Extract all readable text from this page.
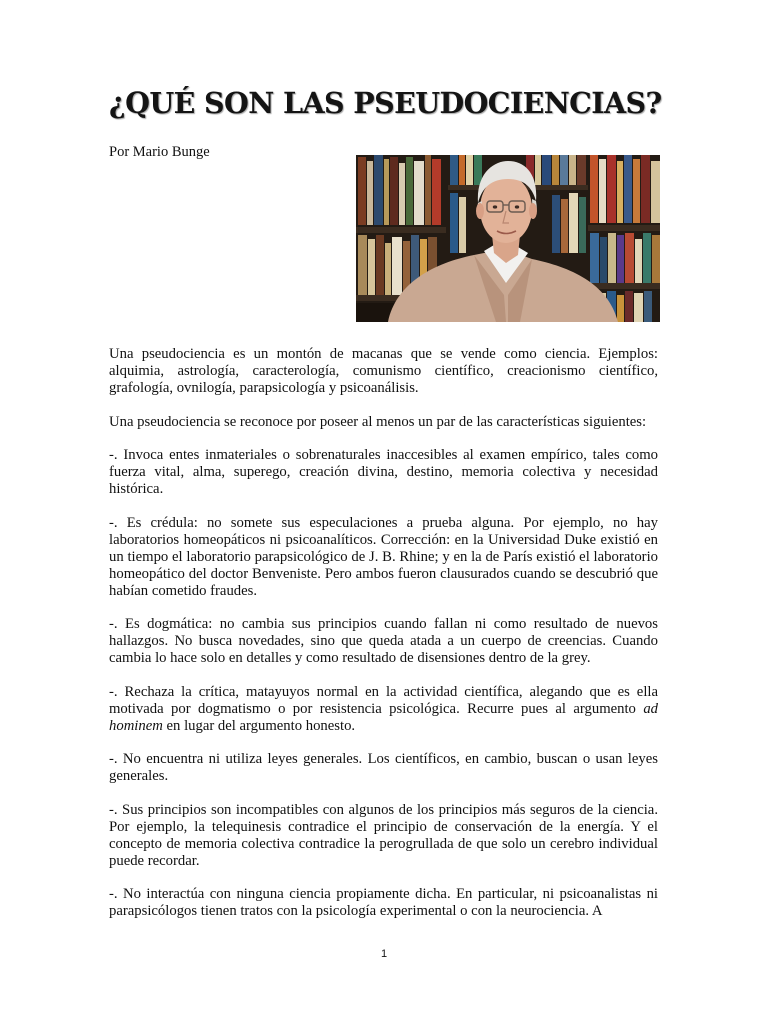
¿QUÉ SON LAS PSEUDOCIENCIAS?
Por Mario Bunge

Una pseudociencia es un montón de macanas que se vende como ciencia. Ejemplos: alquimia, astrología, caracterología, comunismo científico, creacionismo científico, grafología, ovnilogía, parapsicología y psicoanálisis.

Una pseudociencia se reconoce por poseer al menos un par de las características siguientes:

-. Invoca entes inmateriales o sobrenaturales inaccesibles al examen empírico, tales como fuerza vital, alma, superego, creación divina, destino, memoria colectiva y necesidad histórica.

-. Es crédula: no somete sus especulaciones a prueba alguna. Por ejemplo, no hay laboratorios homeopáticos ni psicoanalíticos. Corrección: en la Universidad Duke existió en un tiempo el laboratorio parapsicológico de J. B. Rhine; y en la de París existió el laboratorio homeopático del doctor Benveniste. Pero ambos fueron clausurados cuando se descubrió que habían cometido fraudes.

-. Es dogmática: no cambia sus principios cuando fallan ni como resultado de nuevos hallazgos. No busca novedades, sino que queda atada a un cuerpo de creencias. Cuando cambia lo hace solo en detalles y como resultado de disensiones dentro de la grey.

-. Rechaza la crítica, matayuyos normal en la actividad científica, alegando que es ella motivada por dogmatismo o por resistencia psicológica. Recurre pues al argumento ad hominem en lugar del argumento honesto.

-. No encuentra ni utiliza leyes generales. Los científicos, en cambio, buscan o usan leyes generales.

-. Sus principios son incompatibles con algunos de los principios más seguros de la ciencia. Por ejemplo, la telequinesis contradice el principio de conservación de la energía. Y el concepto de memoria colectiva contradice la perogrullada de que solo un cerebro individual puede recordar.

-. No interactúa con ninguna ciencia propiamente dicha. En particular, ni psicoanalistas ni parapsicólogos tienen tratos con la psicología experimental o con la neurociencia. A

1
